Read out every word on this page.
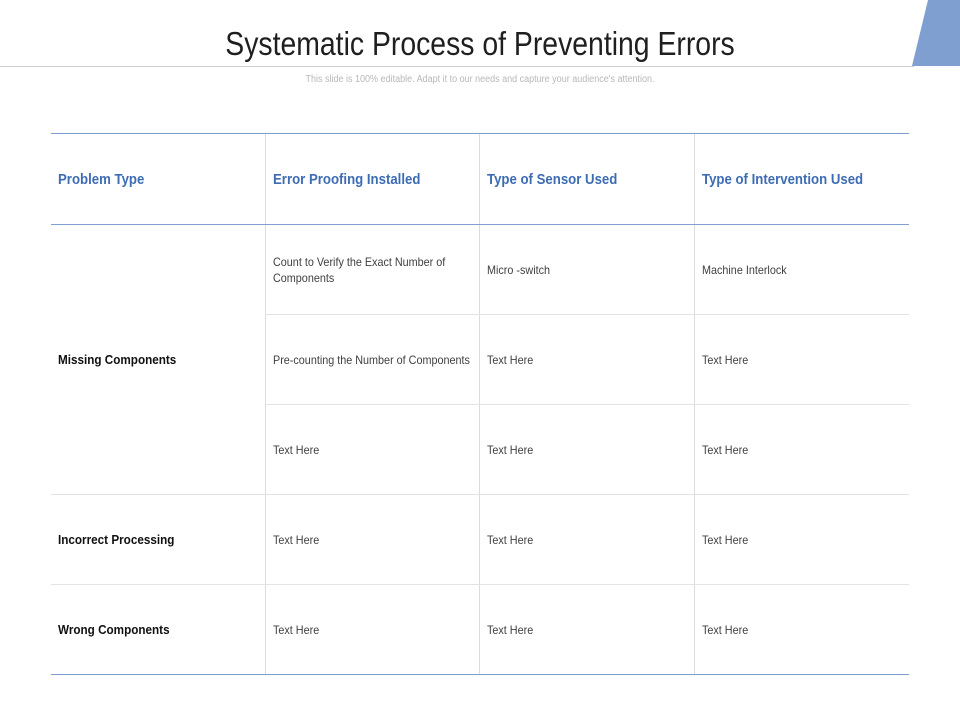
Systematic Process of Preventing Errors
This slide is 100% editable. Adapt it to our needs and capture your audience's attention.
Problem Type	Error Proofing Installed	Type of Sensor Used	Type of Intervention Used
Missing Components	Count to Verify the Exact Number of Components	Micro -switch	Machine Interlock
	Pre-counting the Number of Components	Text Here	Text Here
	Text Here	Text Here	Text Here
Incorrect Processing	Text Here	Text Here	Text Here
Wrong Components	Text Here	Text Here	Text Here
